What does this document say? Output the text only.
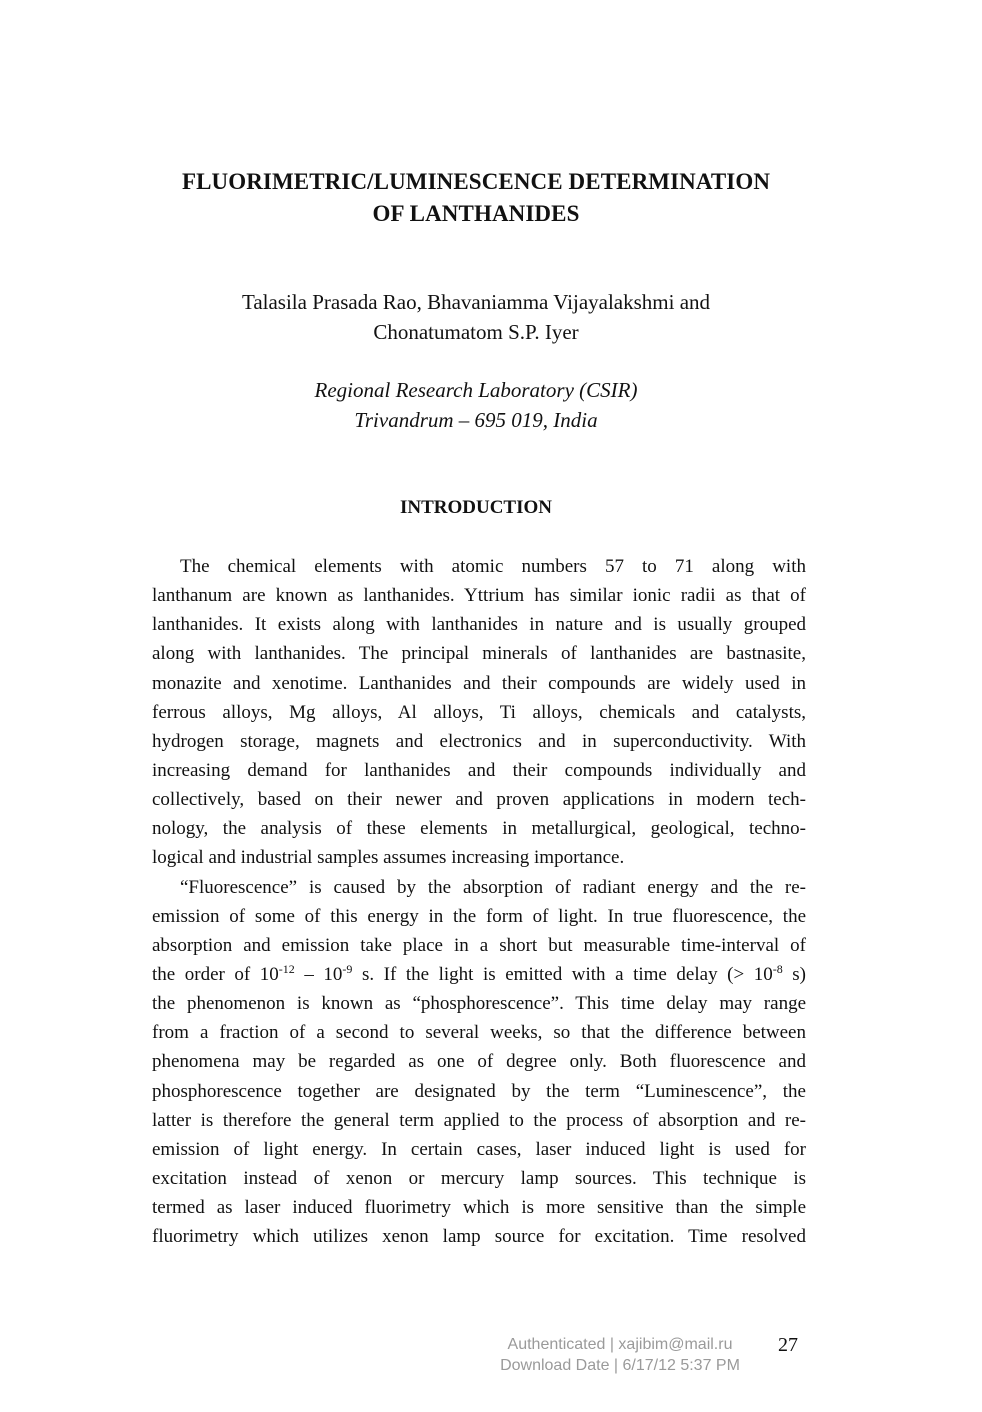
FLUORIMETRIC/LUMINESCENCE DETERMINATION
OF LANTHANIDES
Talasila Prasada Rao, Bhavaniamma Vijayalakshmi and
Chonatumatom S.P. Iyer
Regional Research Laboratory (CSIR)
Trivandrum – 695 019, India
INTRODUCTION
The chemical elements with atomic numbers 57 to 71 along with
lanthanum are known as lanthanides. Yttrium has similar ionic radii as that of
lanthanides. It exists along with lanthanides in nature and is usually grouped
along with lanthanides. The principal minerals of lanthanides are bastnasite,
monazite and xenotime. Lanthanides and their compounds are widely used in
ferrous alloys, Mg alloys, Al alloys, Ti alloys, chemicals and catalysts,
hydrogen storage, magnets and electronics and in superconductivity. With
increasing demand for lanthanides and their compounds individually and
collectively, based on their newer and proven applications in modern tech-
nology, the analysis of these elements in metallurgical, geological, techno-
logical and industrial samples assumes increasing importance.
“Fluorescence” is caused by the absorption of radiant energy and the re-
emission of some of this energy in the form of light. In true fluorescence, the
absorption and emission take place in a short but measurable time-interval of
the order of $10^{-12} - 10^{-9}$ s. If the light is emitted with a time delay (> $10^{-8}$ s)
the phenomenon is known as “phosphorescence”. This time delay may range
from a fraction of a second to several weeks, so that the difference between
phenomena may be regarded as one of degree only. Both fluorescence and
phosphorescence together are designated by the term “Luminescence”, the
latter is therefore the general term applied to the process of absorption and re-
emission of light energy. In certain cases, laser induced light is used for
excitation instead of xenon or mercury lamp sources. This technique is
termed as laser induced fluorimetry which is more sensitive than the simple
fluorimetry which utilizes xenon lamp source for excitation. Time resolved
Authenticated | xajibim@mail.ru
Download Date | 6/17/12 5:37 PM
27
